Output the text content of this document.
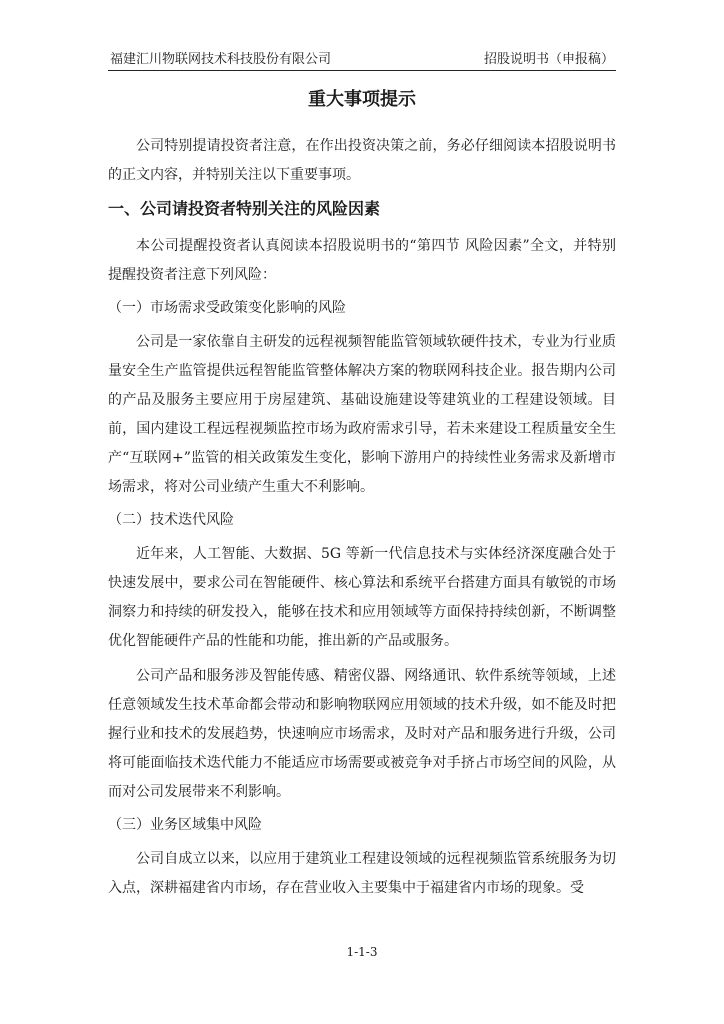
福建汇川物联网技术科技股份有限公司	招股说明书（申报稿）
重大事项提示

公司特别提请投资者注意，在作出投资决策之前，务必仔细阅读本招股说明书的正文内容，并特别关注以下重要事项。

一、公司请投资者特别关注的风险因素

本公司提醒投资者认真阅读本招股说明书的“第四节 风险因素”全文，并特别提醒投资者注意下列风险：

（一）市场需求受政策变化影响的风险

公司是一家依靠自主研发的远程视频智能监管领域软硬件技术，专业为行业质量安全生产监管提供远程智能监管整体解决方案的物联网科技企业。报告期内公司的产品及服务主要应用于房屋建筑、基础设施建设等建筑业的工程建设领域。目前，国内建设工程远程视频监控市场为政府需求引导，若未来建设工程质量安全生产“互联网+”监管的相关政策发生变化，影响下游用户的持续性业务需求及新增市场需求，将对公司业绩产生重大不利影响。

（二）技术迭代风险

近年来，人工智能、大数据、5G 等新一代信息技术与实体经济深度融合处于快速发展中，要求公司在智能硬件、核心算法和系统平台搭建方面具有敏锐的市场洞察力和持续的研发投入，能够在技术和应用领域等方面保持持续创新，不断调整优化智能硬件产品的性能和功能，推出新的产品或服务。

公司产品和服务涉及智能传感、精密仪器、网络通讯、软件系统等领域，上述任意领域发生技术革命都会带动和影响物联网应用领域的技术升级，如不能及时把握行业和技术的发展趋势，快速响应市场需求，及时对产品和服务进行升级，公司将可能面临技术迭代能力不能适应市场需要或被竞争对手挤占市场空间的风险，从而对公司发展带来不利影响。

（三）业务区域集中风险

公司自成立以来，以应用于建筑业工程建设领域的远程视频监管系统服务为切入点，深耕福建省内市场，存在营业收入主要集中于福建省内市场的现象。受

1-1-3
